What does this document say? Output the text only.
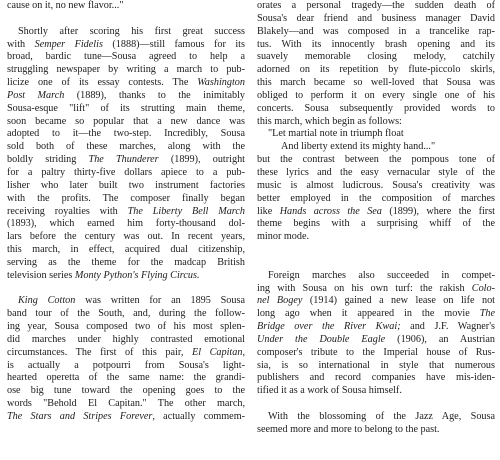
cause on it, no new flavor..."
Shortly after scoring his first great success
with Semper Fidelis (1888)—still famous for its
broad, bardic tune—Sousa agreed to help a
struggling newspaper by writing a march to pub-
licize one of its essay contests. The Washington
Post March (1889), thanks to the inimitably
Sousa-esque "lift" of its strutting main theme,
soon became so popular that a new dance was
adopted to it—the two-step. Incredibly, Sousa
sold both of these marches, along with the
boldly striding The Thunderer (1899), outright
for a paltry thirty-five dollars apiece to a pub-
lisher who later built two instrument factories
with the profits. The composer finally began
receiving royalties with The Liberty Bell March
(1893), which earned him forty-thousand dol-
lars before the century was out. In recent years,
this march, in effect, acquired dual citizenship,
serving as the theme for the madcap British
television series Monty Python's Flying Circus.
King Cotton was written for an 1895 Sousa
band tour of the South, and, during the follow-
ing year, Sousa composed two of his most splen-
did marches under highly contrasted emotional
circumstances. The first of this pair, El Capitan,
is actually a potpourri from Sousa's light-
hearted operetta of the same name: the grandi-
ose big tune toward the opening goes to the
words "Behold El Capitan." The other march,
The Stars and Stripes Forever, actually commem-
orates a personal tragedy—the sudden death of
Sousa's dear friend and business manager David
Blakely—and was composed in a trancelike rap-
tus. With its innocently brash opening and its
suavely memorable closing melody, catchily
adorned on its repetition by flute-piccolo skirls,
this march became so well-loved that Sousa was
obliged to perform it on every single one of his
concerts. Sousa subsequently provided words to
this march, which begin as follows:
"Let martial note in triumph float
And liberty extend its mighty hand..."
but the contrast between the pompous tone of
these lyrics and the easy vernacular style of the
music is almost ludicrous. Sousa's creativity was
better employed in the composition of marches
like Hands across the Sea (1899), where the first
theme begins with a surprising whiff of the
minor mode.
Foreign marches also succeeded in compet-
ing with Sousa on his own turf: the rakish Colo-
nel Bogey (1914) gained a new lease on life not
long ago when it appeared in the movie The
Bridge over the River Kwai; and J.F. Wagner's
Under the Double Eagle (1906), an Austrian
composer's tribute to the Imperial house of Rus-
sia, is so international in style that numerous
publishers and record companies have mis-iden-
tified it as a work of Sousa himself.
With the blossoming of the Jazz Age, Sousa
seemed more and more to belong to the past.
